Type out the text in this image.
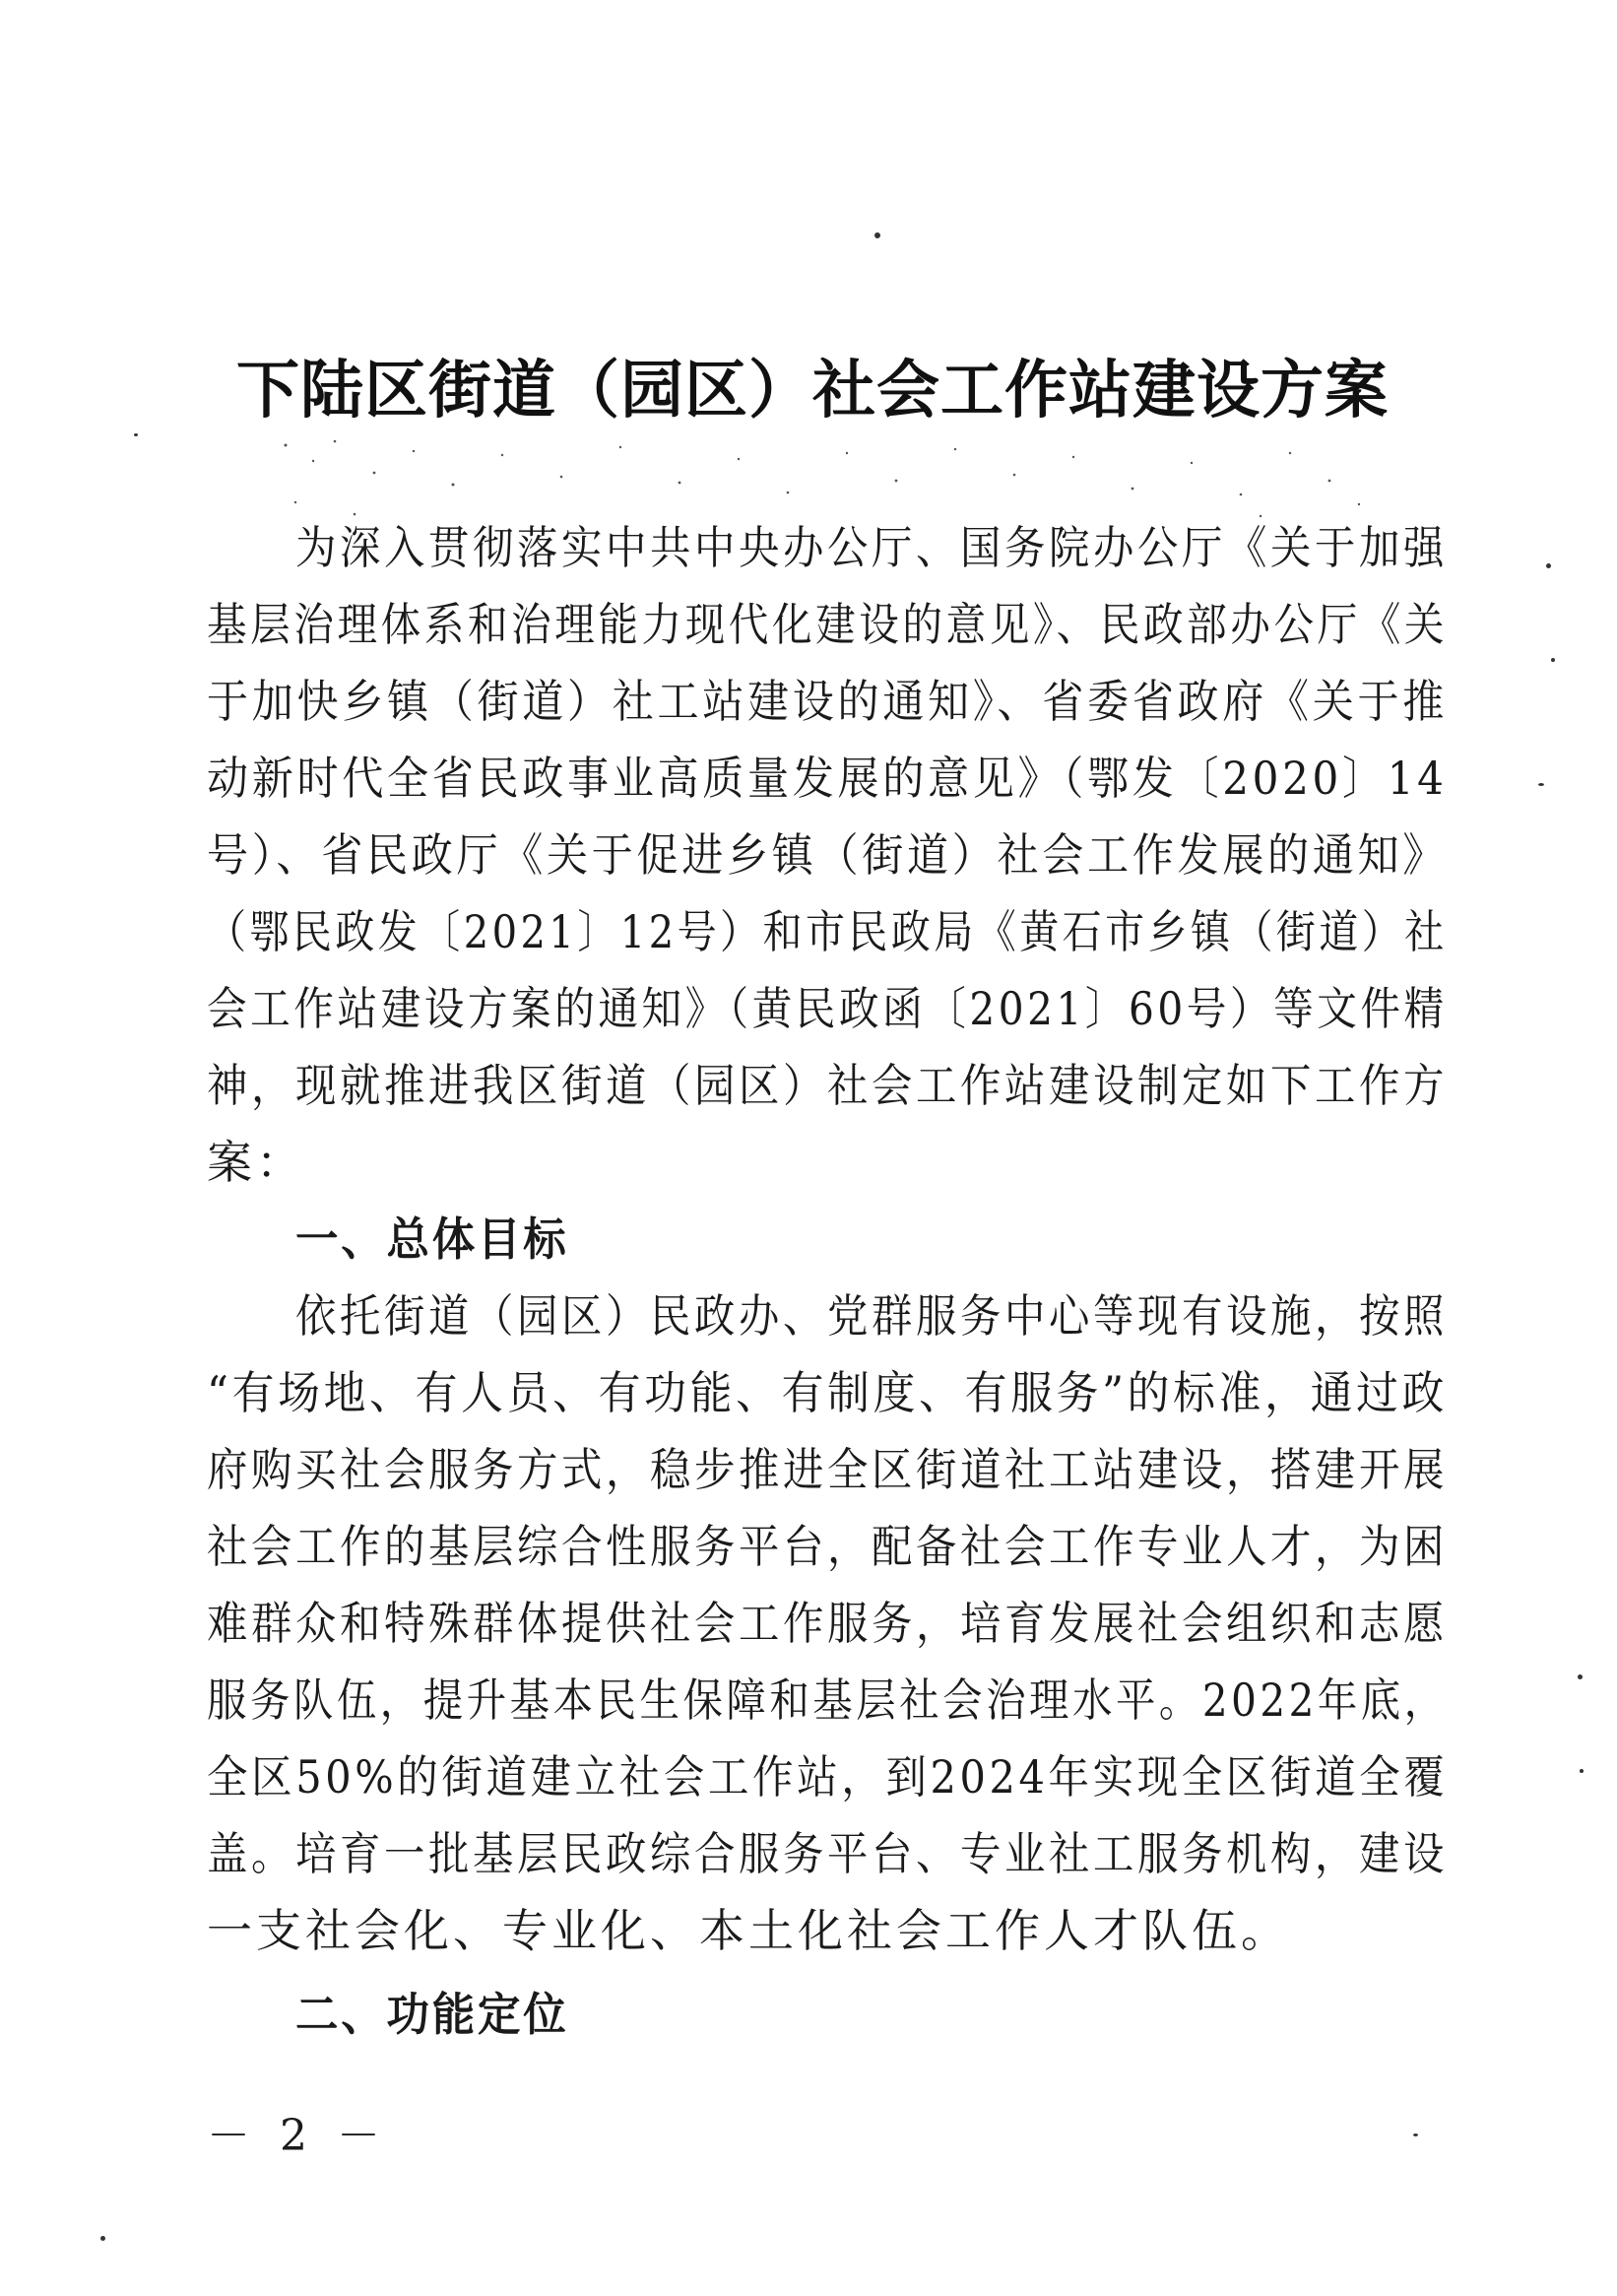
下陆区街道（园区）社会工作站建设方案
为深入贯彻落实中共中央办公厅、国务院办公厅《关于加强
基层治理体系和治理能力现代化建设的意见》、民政部办公厅《关
于加快乡镇（街道）社工站建设的通知》、省委省政府《关于推
动新时代全省民政事业高质量发展的意见》（鄂发〔2020〕14
号）、省民政厅《关于促进乡镇（街道）社会工作发展的通知》
（鄂民政发〔2021〕12号）和市民政局《黄石市乡镇（街道）社
会工作站建设方案的通知》（黄民政函〔2021〕60号）等文件精
神，现就推进我区街道（园区）社会工作站建设制定如下工作方
案：
一、总体目标
依托街道（园区）民政办、党群服务中心等现有设施，按照
“有场地、有人员、有功能、有制度、有服务”的标准，通过政
府购买社会服务方式，稳步推进全区街道社工站建设，搭建开展
社会工作的基层综合性服务平台，配备社会工作专业人才，为困
难群众和特殊群体提供社会工作服务，培育发展社会组织和志愿
服务队伍，提升基本民生保障和基层社会治理水平。2022年底，
全区50%的街道建立社会工作站，到2024年实现全区街道全覆
盖。培育一批基层民政综合服务平台、专业社工服务机构，建设
一支社会化、专业化、本土化社会工作人才队伍。
二、功能定位
－ 2 －
